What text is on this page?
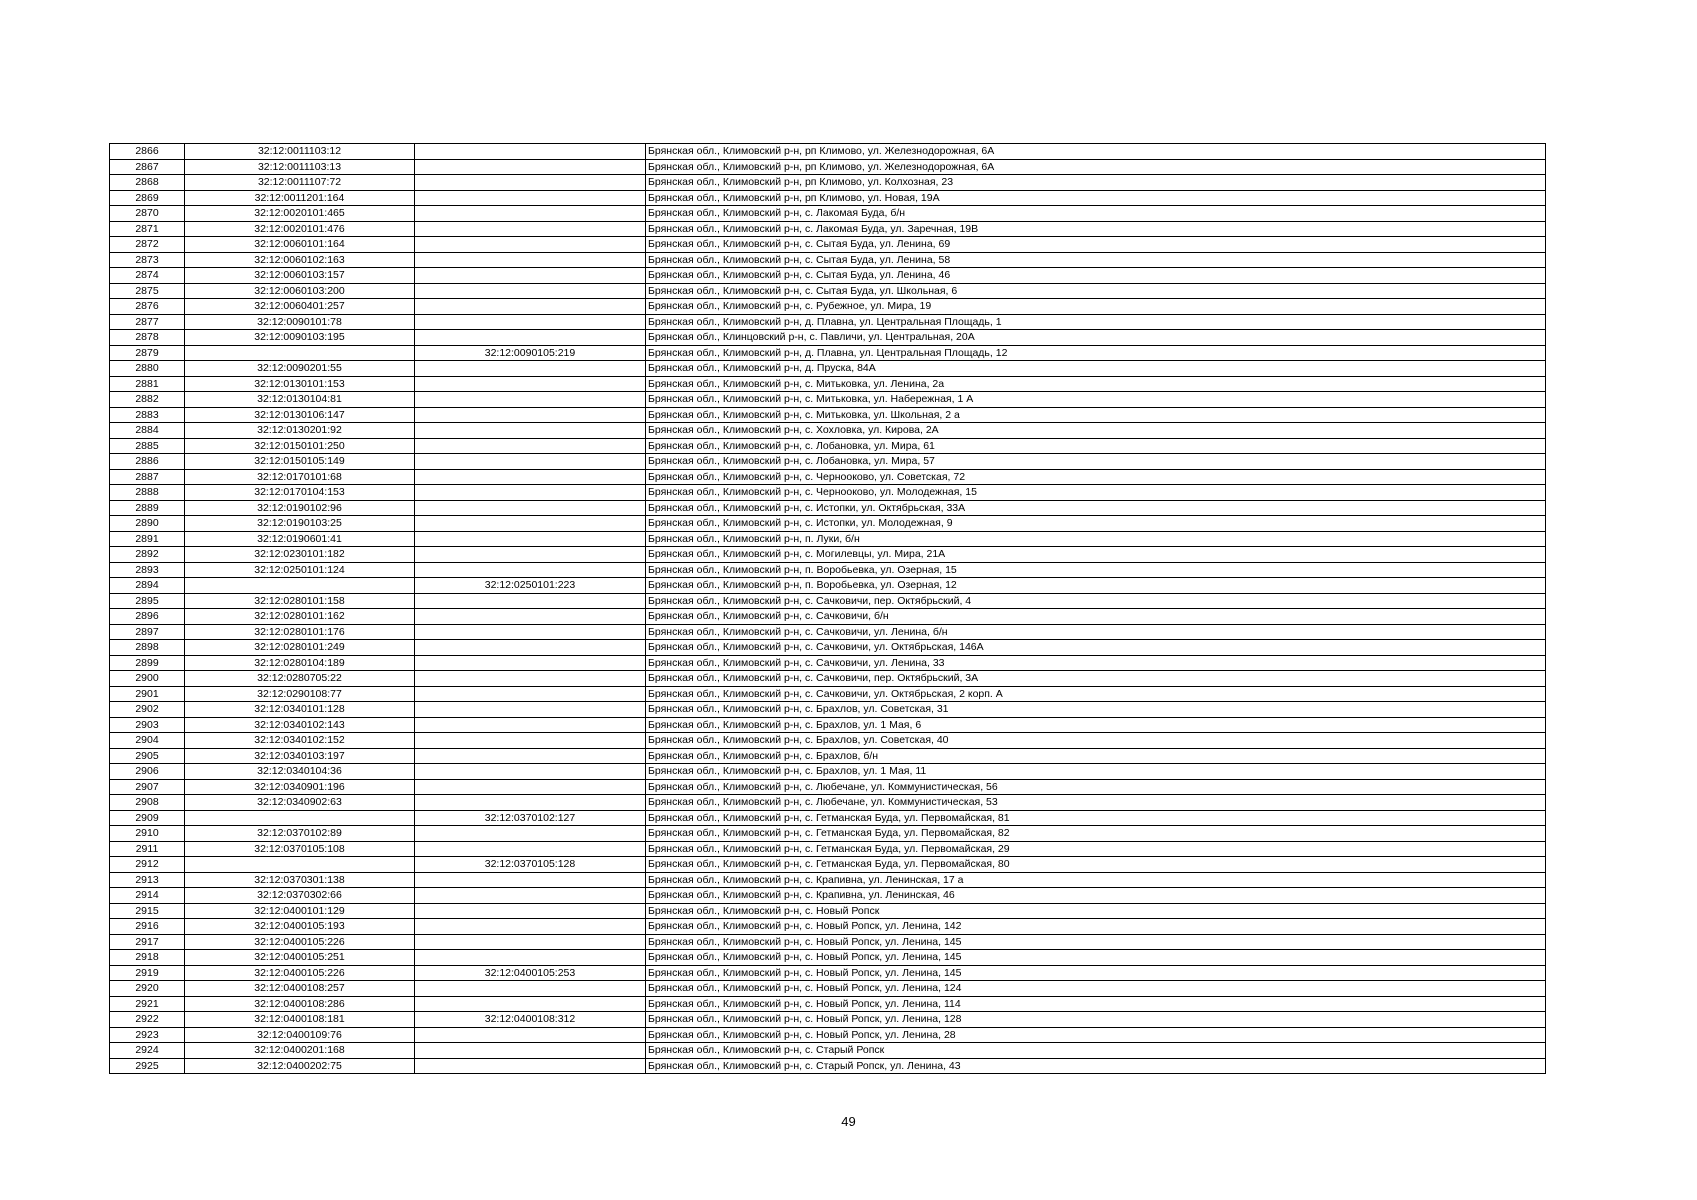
2866	32:12:0011103:12		Брянская обл., Климовский р-н, рп Климово, ул. Железнодорожная, 6А
2867	32:12:0011103:13		Брянская обл., Климовский р-н, рп Климово, ул. Железнодорожная, 6А
2868	32:12:0011107:72		Брянская обл., Климовский р-н, рп Климово, ул. Колхозная, 23
2869	32:12:0011201:164		Брянская обл., Климовский р-н, рп Климово, ул. Новая, 19А
2870	32:12:0020101:465		Брянская обл., Климовский р-н, с. Лакомая Буда, б/н
2871	32:12:0020101:476		Брянская обл., Климовский р-н, с. Лакомая Буда, ул. Заречная, 19В
2872	32:12:0060101:164		Брянская обл., Климовский р-н, с. Сытая Буда, ул. Ленина, 69
2873	32:12:0060102:163		Брянская обл., Климовский р-н, с. Сытая Буда, ул. Ленина, 58
2874	32:12:0060103:157		Брянская обл., Климовский р-н, с. Сытая Буда, ул. Ленина, 46
2875	32:12:0060103:200		Брянская обл., Климовский р-н, с. Сытая Буда, ул. Школьная, 6
2876	32:12:0060401:257		Брянская обл., Климовский р-н, с. Рубежное, ул. Мира, 19
2877	32:12:0090101:78		Брянская обл., Климовский р-н, д. Плавна, ул. Центральная Площадь, 1
2878	32:12:0090103:195		Брянская обл., Клинцовский р-н, с. Павличи, ул. Центральная, 20А
2879		32:12:0090105:219	Брянская обл., Климовский р-н, д. Плавна, ул. Центральная Площадь, 12
2880	32:12:0090201:55		Брянская обл., Климовский р-н, д. Пруска, 84А
2881	32:12:0130101:153		Брянская обл., Климовский р-н, с. Митьковка, ул. Ленина, 2а
2882	32:12:0130104:81		Брянская обл., Климовский р-н, с. Митьковка, ул. Набережная, 1 А
2883	32:12:0130106:147		Брянская обл., Климовский р-н, с. Митьковка, ул. Школьная, 2 а
2884	32:12:0130201:92		Брянская обл., Климовский р-н, с. Хохловка, ул. Кирова, 2А
2885	32:12:0150101:250		Брянская обл., Климовский р-н, с. Лобановка, ул. Мира, 61
2886	32:12:0150105:149		Брянская обл., Климовский р-н, с. Лобановка, ул. Мира, 57
2887	32:12:0170101:68		Брянская обл., Климовский р-н, с. Чернооково, ул. Советская, 72
2888	32:12:0170104:153		Брянская обл., Климовский р-н, с. Чернооково, ул. Молодежная, 15
2889	32:12:0190102:96		Брянская обл., Климовский р-н, с. Истопки, ул. Октябрьская, 33А
2890	32:12:0190103:25		Брянская обл., Климовский р-н, с. Истопки, ул. Молодежная, 9
2891	32:12:0190601:41		Брянская обл., Климовский р-н, п. Луки, б/н
2892	32:12:0230101:182		Брянская обл., Климовский р-н, с. Могилевцы, ул. Мира, 21А
2893	32:12:0250101:124		Брянская обл., Климовский р-н, п. Воробьевка, ул. Озерная, 15
2894		32:12:0250101:223	Брянская обл., Климовский р-н, п. Воробьевка, ул. Озерная, 12
2895	32:12:0280101:158		Брянская обл., Климовский р-н, с. Сачковичи, пер. Октябрьский, 4
2896	32:12:0280101:162		Брянская обл., Климовский р-н, с. Сачковичи, б/н
2897	32:12:0280101:176		Брянская обл., Климовский р-н, с. Сачковичи, ул. Ленина, б/н
2898	32:12:0280101:249		Брянская обл., Климовский р-н, с. Сачковичи, ул. Октябрьская, 146А
2899	32:12:0280104:189		Брянская обл., Климовский р-н, с. Сачковичи, ул. Ленина, 33
2900	32:12:0280705:22		Брянская обл., Климовский р-н, с. Сачковичи, пер. Октябрьский, 3А
2901	32:12:0290108:77		Брянская обл., Климовский р-н, с. Сачковичи, ул. Октябрьская, 2 корп. А
2902	32:12:0340101:128		Брянская обл., Климовский р-н, с. Брахлов, ул. Советская, 31
2903	32:12:0340102:143		Брянская обл., Климовский р-н, с. Брахлов, ул. 1 Мая, 6
2904	32:12:0340102:152		Брянская обл., Климовский р-н, с. Брахлов, ул. Советская, 40
2905	32:12:0340103:197		Брянская обл., Климовский р-н, с. Брахлов, б/н
2906	32:12:0340104:36		Брянская обл., Климовский р-н, с. Брахлов, ул. 1 Мая, 11
2907	32:12:0340901:196		Брянская обл., Климовский р-н, с. Любечане, ул. Коммунистическая, 56
2908	32:12:0340902:63		Брянская обл., Климовский р-н, с. Любечане, ул. Коммунистическая, 53
2909		32:12:0370102:127	Брянская обл., Климовский р-н, с. Гетманская Буда, ул. Первомайская, 81
2910	32:12:0370102:89		Брянская обл., Климовский р-н, с. Гетманская Буда, ул. Первомайская, 82
2911	32:12:0370105:108		Брянская обл., Климовский р-н, с. Гетманская Буда, ул. Первомайская, 29
2912		32:12:0370105:128	Брянская обл., Климовский р-н, с. Гетманская Буда, ул. Первомайская, 80
2913	32:12:0370301:138		Брянская обл., Климовский р-н, с. Крапивна, ул. Ленинская, 17 а
2914	32:12:0370302:66		Брянская обл., Климовский р-н, с. Крапивна, ул. Ленинская, 46
2915	32:12:0400101:129		Брянская обл., Климовский р-н, с. Новый Ропск
2916	32:12:0400105:193		Брянская обл., Климовский р-н, с. Новый Ропск, ул. Ленина, 142
2917	32:12:0400105:226		Брянская обл., Климовский р-н, с. Новый Ропск, ул. Ленина, 145
2918	32:12:0400105:251		Брянская обл., Климовский р-н, с. Новый Ропск, ул. Ленина, 145
2919	32:12:0400105:226	32:12:0400105:253	Брянская обл., Климовский р-н, с. Новый Ропск, ул. Ленина, 145
2920	32:12:0400108:257		Брянская обл., Климовский р-н, с. Новый Ропск, ул. Ленина, 124
2921	32:12:0400108:286		Брянская обл., Климовский р-н, с. Новый Ропск, ул. Ленина, 114
2922	32:12:0400108:181	32:12:0400108:312	Брянская обл., Климовский р-н, с. Новый Ропск, ул. Ленина, 128
2923	32:12:0400109:76		Брянская обл., Климовский р-н, с. Новый Ропск, ул. Ленина, 28
2924	32:12:0400201:168		Брянская обл., Климовский р-н, с. Старый Ропск
2925	32:12:0400202:75		Брянская обл., Климовский р-н, с. Старый Ропск, ул. Ленина, 43
49
